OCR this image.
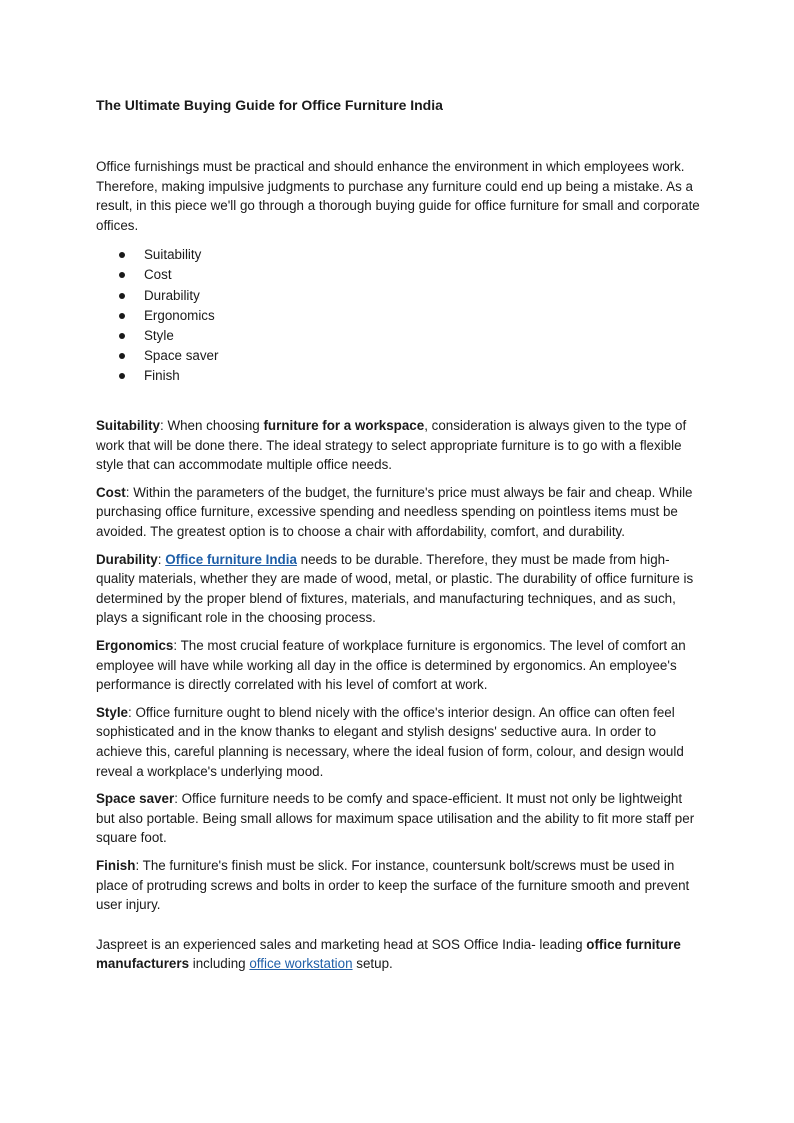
The Ultimate Buying Guide for Office Furniture India

Office furnishings must be practical and should enhance the environment in which employees work. Therefore, making impulsive judgments to purchase any furniture could end up being a mistake. As a result, in this piece we'll go through a thorough buying guide for office furniture for small and corporate offices.

Suitability
Cost
Durability
Ergonomics
Style
Space saver
Finish

Suitability: When choosing furniture for a workspace, consideration is always given to the type of work that will be done there. The ideal strategy to select appropriate furniture is to go with a flexible style that can accommodate multiple office needs.

Cost: Within the parameters of the budget, the furniture's price must always be fair and cheap. While purchasing office furniture, excessive spending and needless spending on pointless items must be avoided. The greatest option is to choose a chair with affordability, comfort, and durability.

Durability: Office furniture India needs to be durable. Therefore, they must be made from high-quality materials, whether they are made of wood, metal, or plastic. The durability of office furniture is determined by the proper blend of fixtures, materials, and manufacturing techniques, and as such, plays a significant role in the choosing process.

Ergonomics: The most crucial feature of workplace furniture is ergonomics. The level of comfort an employee will have while working all day in the office is determined by ergonomics. An employee's performance is directly correlated with his level of comfort at work.

Style: Office furniture ought to blend nicely with the office's interior design. An office can often feel sophisticated and in the know thanks to elegant and stylish designs' seductive aura. In order to achieve this, careful planning is necessary, where the ideal fusion of form, colour, and design would reveal a workplace's underlying mood.

Space saver: Office furniture needs to be comfy and space-efficient. It must not only be lightweight but also portable. Being small allows for maximum space utilisation and the ability to fit more staff per square foot.

Finish: The furniture's finish must be slick. For instance, countersunk bolt/screws must be used in place of protruding screws and bolts in order to keep the surface of the furniture smooth and prevent user injury.

Jaspreet is an experienced sales and marketing head at SOS Office India- leading office furniture manufacturers including office workstation setup.
